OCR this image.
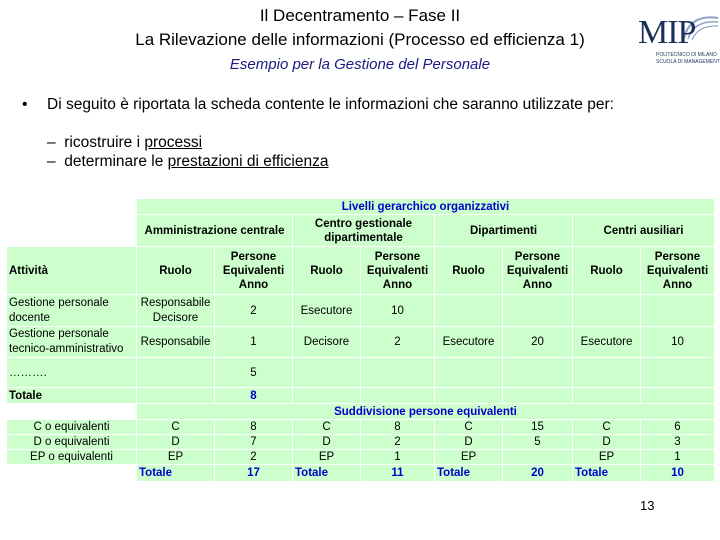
Il Decentramento – Fase II
La Rilevazione delle informazioni (Processo ed efficienza 1)
Esempio per la Gestione del Personale
MIP
POLITECNICO DI MILANO
SCUOLA DI MANAGEMENT
• Di seguito è riportata la scheda contente le informazioni che saranno utilizzate per:
– ricostruire i processi
– determinare le prestazioni di efficienza
	Livelli gerarchico organizzativi							
	Amministrazione centrale		Centro gestionale dipartimentale		Dipartimenti		Centri ausiliari	
Attività	Ruolo	Persone Equivalenti Anno	Ruolo	Persone Equivalenti Anno	Ruolo	Persone Equivalenti Anno	Ruolo	Persone Equivalenti Anno
Gestione personale docente	Responsabile Decisore	2	Esecutore	10				
Gestione personale tecnico-amministrativo	Responsabile	1	Decisore	2	Esecutore	20	Esecutore	10
……….		5						
Totale		8						
	Suddivisione persone equivalenti							
C o equivalenti	C	8	C	8	C	15	C	6
D o equivalenti	D	7	D	2	D	5	D	3
EP o equivalenti	EP	2	EP	1	EP		EP	1
	Totale	17	Totale	11	Totale	20	Totale	10
13
